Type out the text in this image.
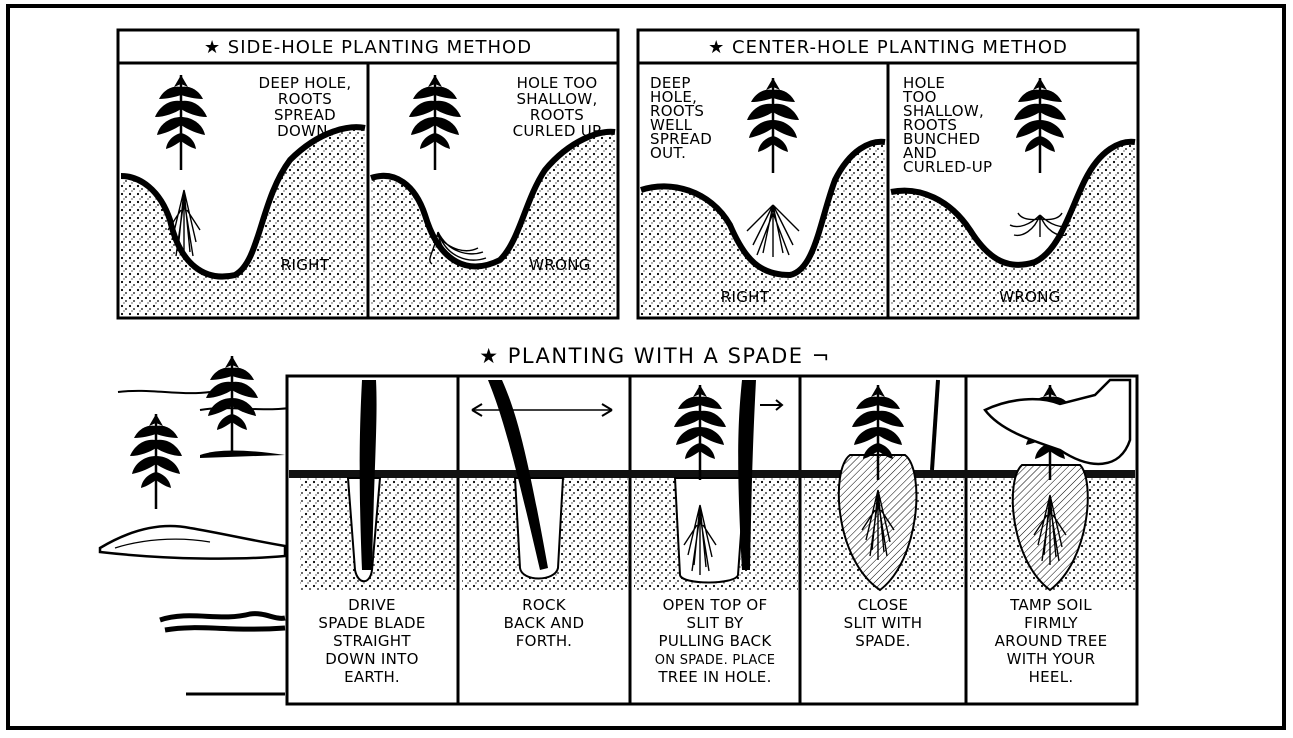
★ SIDE-HOLE PLANTING METHOD
DEEP HOLE,
ROOTS
SPREAD
DOWN.
RIGHT
HOLE TOO
SHALLOW,
ROOTS
CURLED UP
WRONG
★ CENTER-HOLE PLANTING METHOD
DEEP
HOLE,
ROOTS
WELL
SPREAD
OUT.
RIGHT
HOLE
TOO
SHALLOW,
ROOTS
BUNCHED
AND
CURLED-UP
WRONG
★ PLANTING WITH A SPADE ¬
DRIVE
SPADE BLADE
STRAIGHT
DOWN INTO
EARTH.
ROCK
BACK AND
FORTH.
OPEN TOP OF
SLIT BY
PULLING BACK
ON SPADE. PLACE
TREE IN HOLE.
CLOSE
SLIT WITH
SPADE.
TAMP SOIL
FIRMLY
AROUND TREE
WITH YOUR
HEEL.
